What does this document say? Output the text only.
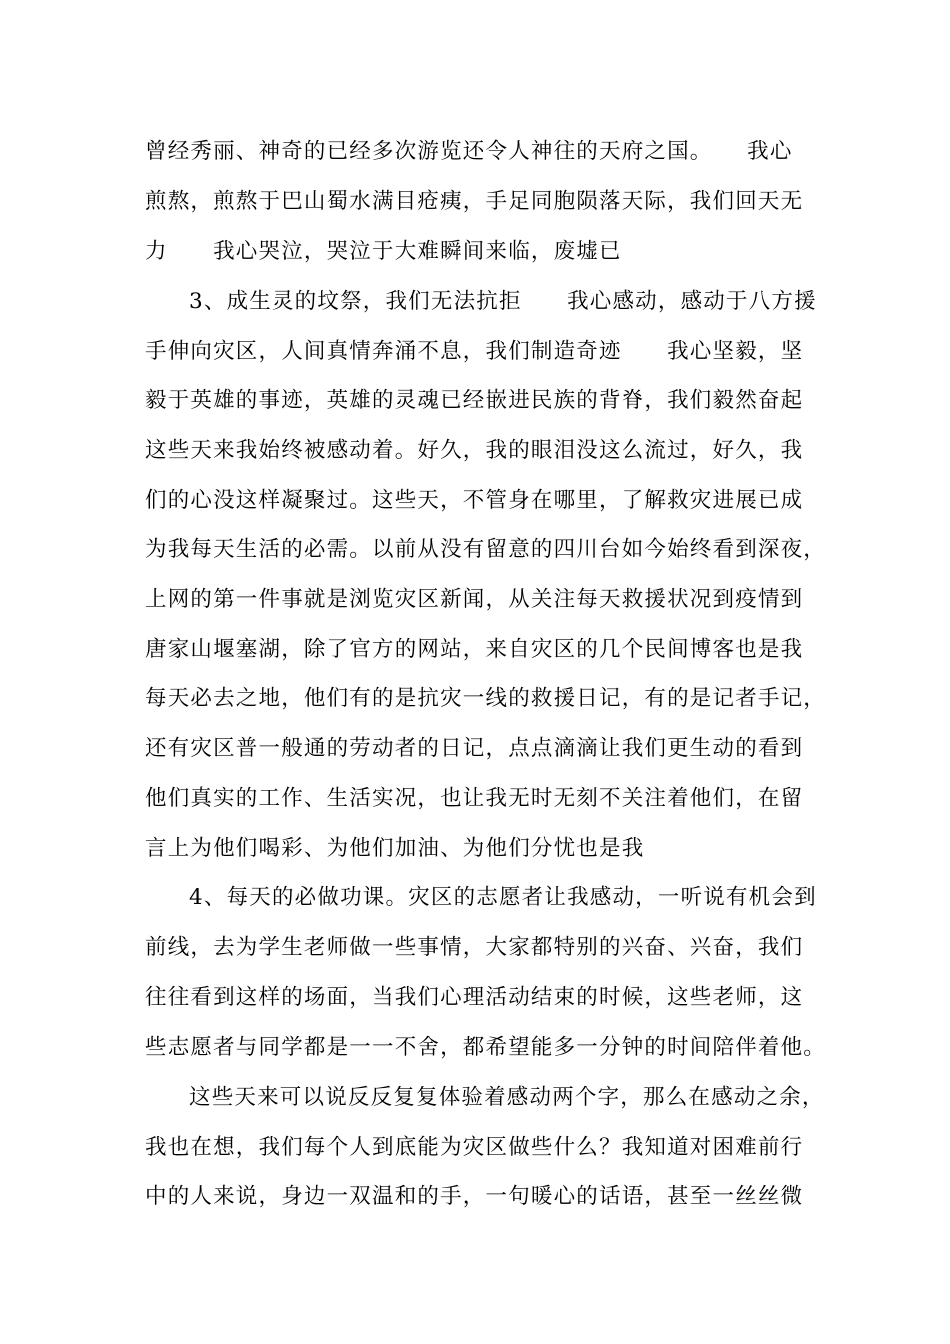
曾经秀丽、神奇的已经多次游览还令人神往的天府之国。　　我心
煎熬，煎熬于巴山蜀水满目疮痍，手足同胞陨落天际，我们回天无
力　　我心哭泣，哭泣于大难瞬间来临，废墟已
3、成生灵的坟祭，我们无法抗拒　　我心感动，感动于八方援
手伸向灾区，人间真情奔涌不息，我们制造奇迹　　我心坚毅，坚
毅于英雄的事迹，英雄的灵魂已经嵌进民族的背脊，我们毅然奋起
这些天来我始终被感动着。好久，我的眼泪没这么流过，好久，我
们的心没这样凝聚过。这些天，不管身在哪里，了解救灾进展已成
为我每天生活的必需。以前从没有留意的四川台如今始终看到深夜，
上网的第一件事就是浏览灾区新闻，从关注每天救援状况到疫情到
唐家山堰塞湖，除了官方的网站，来自灾区的几个民间博客也是我
每天必去之地，他们有的是抗灾一线的救援日记，有的是记者手记，
还有灾区普一般通的劳动者的日记，点点滴滴让我们更生动的看到
他们真实的工作、生活实况，也让我无时无刻不关注着他们，在留
言上为他们喝彩、为他们加油、为他们分忧也是我
4、每天的必做功课。灾区的志愿者让我感动，一听说有机会到
前线，去为学生老师做一些事情，大家都特别的兴奋、兴奋，我们
往往看到这样的场面，当我们心理活动结束的时候，这些老师，这
些志愿者与同学都是一一不舍，都希望能多一分钟的时间陪伴着他。
这些天来可以说反反复复体验着感动两个字，那么在感动之余，
我也在想，我们每个人到底能为灾区做些什么？我知道对困难前行
中的人来说，身边一双温和的手，一句暖心的话语，甚至一丝丝微
